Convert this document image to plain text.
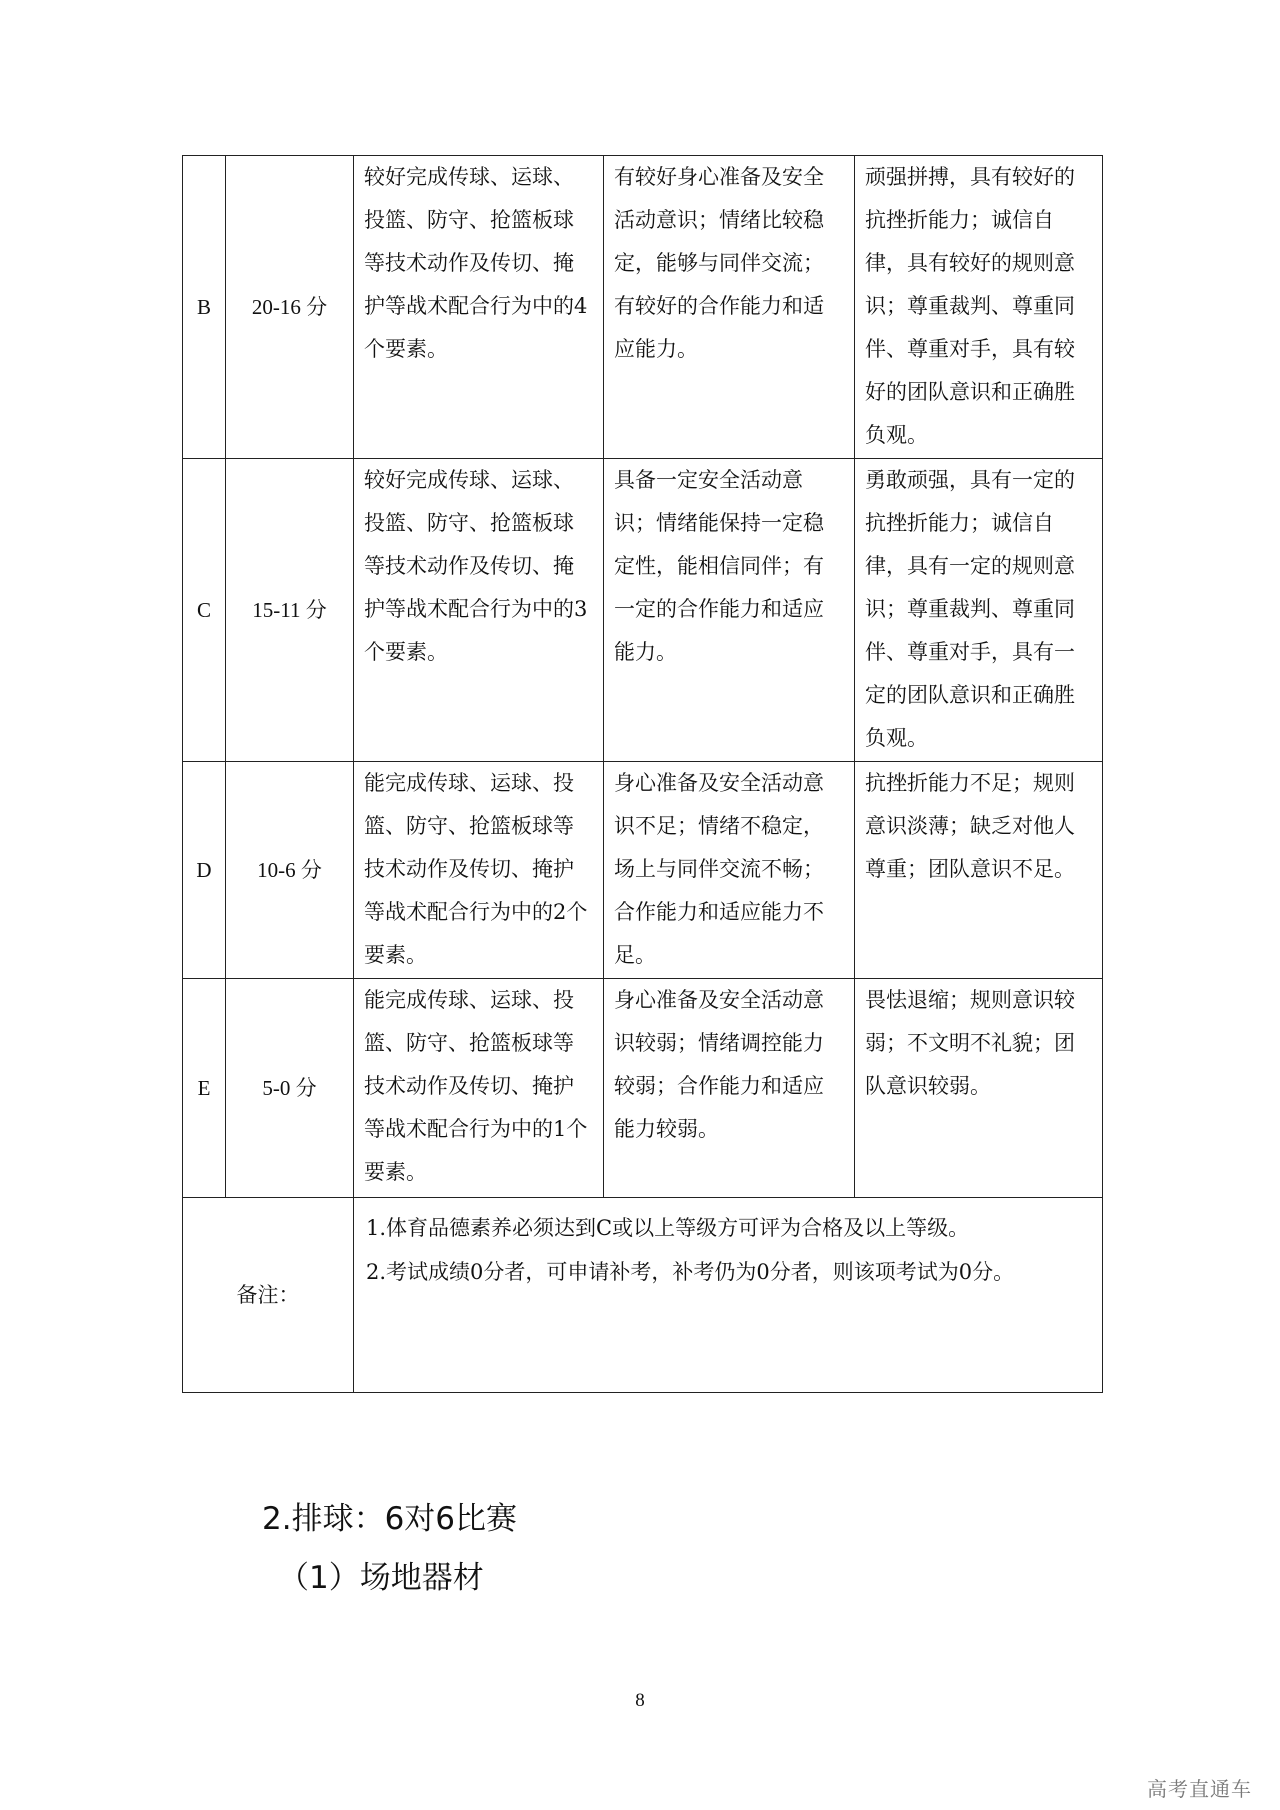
B	20-16 分	较好完成传球、运球、投篮、防守、抢篮板球等技术动作及传切、掩护等战术配合行为中的4个要素。	有较好身心准备及安全活动意识；情绪比较稳定，能够与同伴交流；有较好的合作能力和适应能力。	顽强拼搏，具有较好的抗挫折能力；诚信自律，具有较好的规则意识；尊重裁判、尊重同伴、尊重对手，具有较好的团队意识和正确胜负观。
C	15-11 分	较好完成传球、运球、投篮、防守、抢篮板球等技术动作及传切、掩护等战术配合行为中的3个要素。	具备一定安全活动意识；情绪能保持一定稳定性，能相信同伴；有一定的合作能力和适应能力。	勇敢顽强，具有一定的抗挫折能力；诚信自律，具有一定的规则意识；尊重裁判、尊重同伴、尊重对手，具有一定的团队意识和正确胜负观。
D	10-6 分	能完成传球、运球、投篮、防守、抢篮板球等技术动作及传切、掩护等战术配合行为中的2个要素。	身心准备及安全活动意识不足；情绪不稳定，场上与同伴交流不畅；合作能力和适应能力不足。	抗挫折能力不足；规则意识淡薄；缺乏对他人尊重；团队意识不足。
E	5-0 分	能完成传球、运球、投篮、防守、抢篮板球等技术动作及传切、掩护等战术配合行为中的1个要素。	身心准备及安全活动意识较弱；情绪调控能力较弱；合作能力和适应能力较弱。	畏怯退缩；规则意识较弱；不文明不礼貌；团队意识较弱。
备注：		1.体育品德素养必须达到C或以上等级方可评为合格及以上等级。
2.考试成绩0分者，可申请补考，补考仍为0分者，则该项考试为0分。		
2.排球：6对6比赛
（1）场地器材
8
高考直通车
